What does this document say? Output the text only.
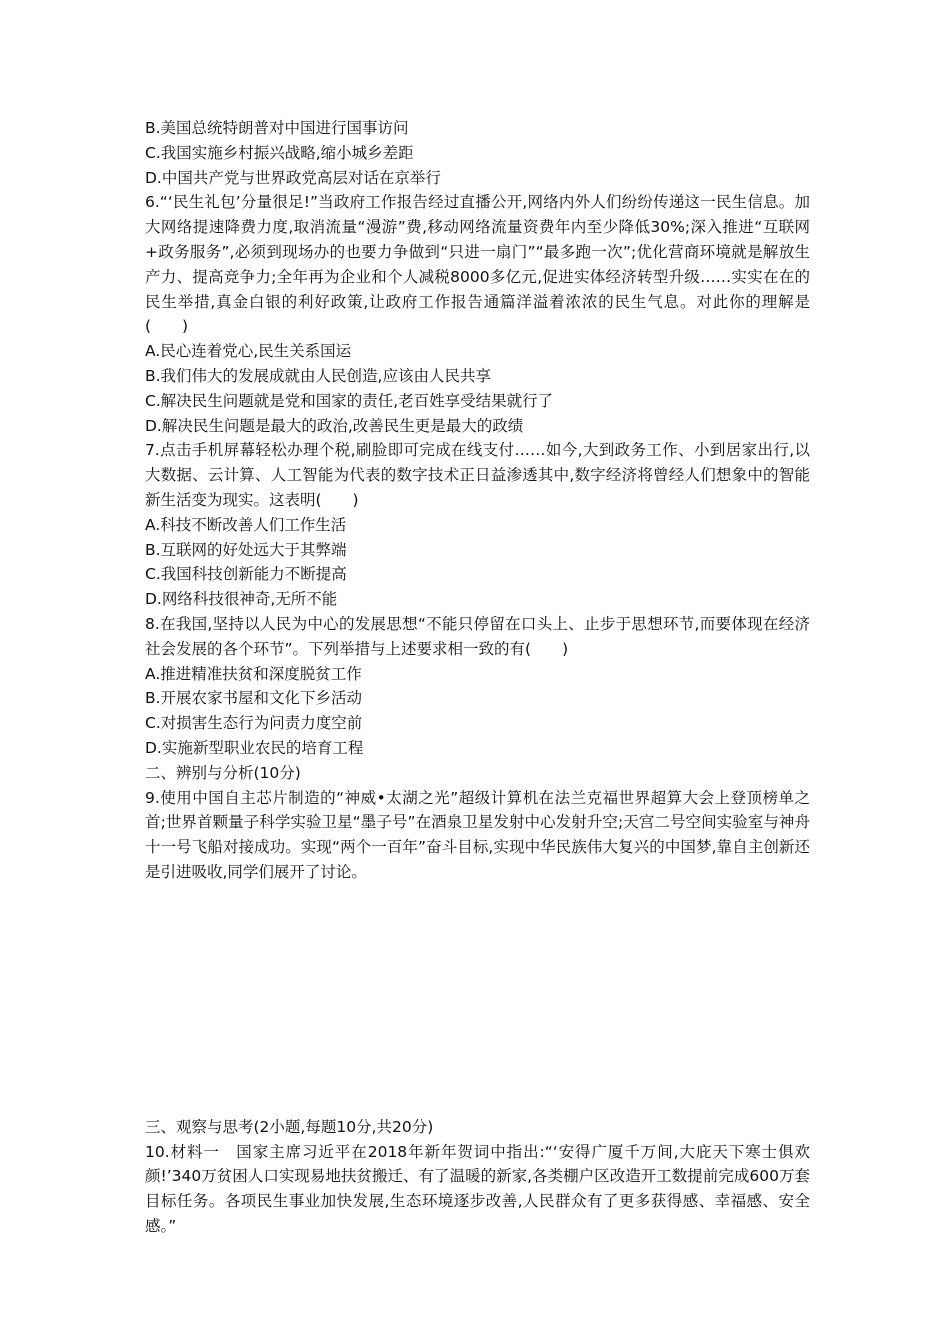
B.美国总统特朗普对中国进行国事访问
C.我国实施乡村振兴战略,缩小城乡差距
D.中国共产党与世界政党高层对话在京举行
6.“‘民生礼包’分量很足!”当政府工作报告经过直播公开,网络内外人们纷纷传递这一民生信息。加大网络提速降费力度,取消流量“漫游”费,移动网络流量资费年内至少降低30%;深入推进“互联网+政务服务”,必须到现场办的也要力争做到“只进一扇门”“最多跑一次”;优化营商环境就是解放生产力、提高竞争力;全年再为企业和个人减税8000多亿元,促进实体经济转型升级……实实在在的民生举措,真金白银的利好政策,让政府工作报告通篇洋溢着浓浓的民生气息。对此你的理解是(　　)
A.民心连着党心,民生关系国运
B.我们伟大的发展成就由人民创造,应该由人民共享
C.解决民生问题就是党和国家的责任,老百姓享受结果就行了
D.解决民生问题是最大的政治,改善民生更是最大的政绩
7.点击手机屏幕轻松办理个税,刷脸即可完成在线支付……如今,大到政务工作、小到居家出行,以大数据、云计算、人工智能为代表的数字技术正日益渗透其中,数字经济将曾经人们想象中的智能新生活变为现实。这表明(　　)
A.科技不断改善人们工作生活
B.互联网的好处远大于其弊端
C.我国科技创新能力不断提高
D.网络科技很神奇,无所不能
8.在我国,坚持以人民为中心的发展思想“不能只停留在口头上、止步于思想环节,而要体现在经济社会发展的各个环节”。下列举措与上述要求相一致的有(　　)
A.推进精准扶贫和深度脱贫工作
B.开展农家书屋和文化下乡活动
C.对损害生态行为问责力度空前
D.实施新型职业农民的培育工程
二、辨别与分析(10分)
9.使用中国自主芯片制造的“神威•太湖之光”超级计算机在法兰克福世界超算大会上登顶榜单之首;世界首颗量子科学实验卫星“墨子号”在酒泉卫星发射中心发射升空;天宫二号空间实验室与神舟十一号飞船对接成功。实现“两个一百年”奋斗目标,实现中华民族伟大复兴的中国梦,靠自主创新还是引进吸收,同学们展开了讨论。
三、观察与思考(2小题,每题10分,共20分)
10.材料一　国家主席习近平在2018年新年贺词中指出:“‘安得广厦千万间,大庇天下寒士俱欢颜!’340万贫困人口实现易地扶贫搬迁、有了温暖的新家,各类棚户区改造开工数提前完成600万套目标任务。各项民生事业加快发展,生态环境逐步改善,人民群众有了更多获得感、幸福感、安全感。”
